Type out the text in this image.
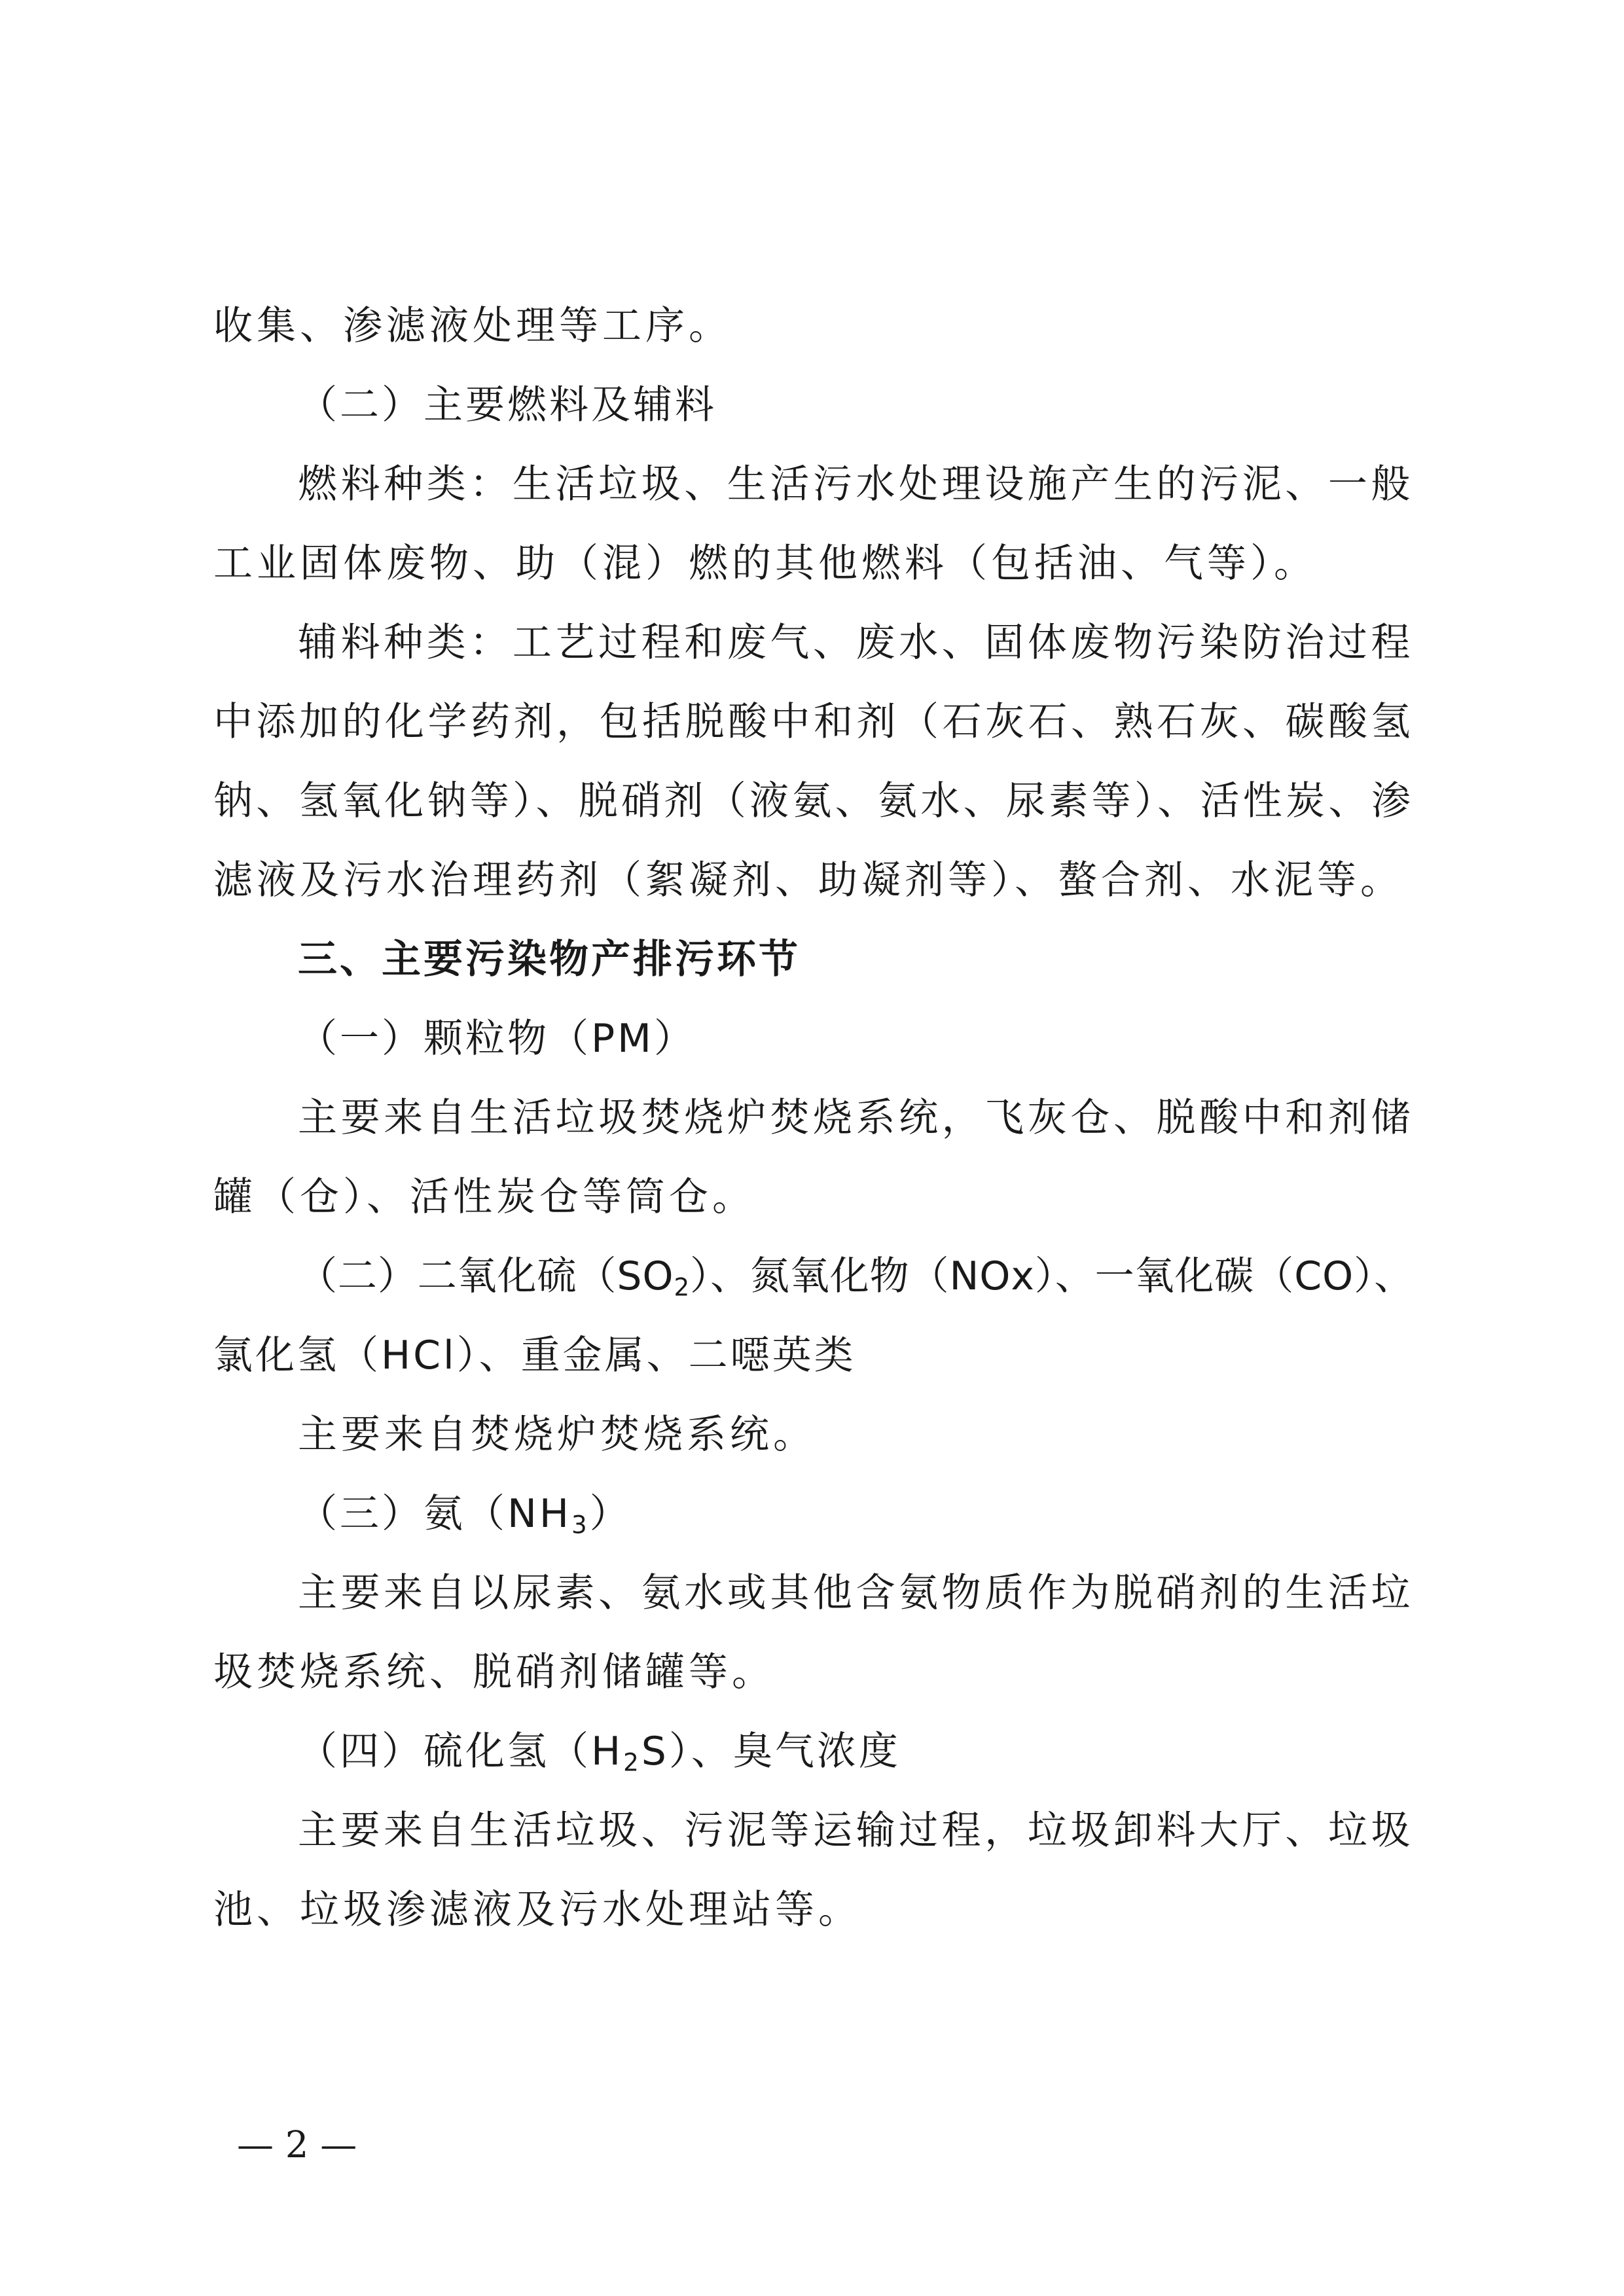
收集、渗滤液处理等工序。
（二）主要燃料及辅料
燃料种类：生活垃圾、生活污水处理设施产生的污泥、一般
工业固体废物、助（混）燃的其他燃料（包括油、气等）。
辅料种类：工艺过程和废气、废水、固体废物污染防治过程
中添加的化学药剂，包括脱酸中和剂（石灰石、熟石灰、碳酸氢
钠、氢氧化钠等）、脱硝剂（液氨、氨水、尿素等）、活性炭、渗
滤液及污水治理药剂（絮凝剂、助凝剂等）、螯合剂、水泥等。
三、主要污染物产排污环节
（一）颗粒物（PM）
主要来自生活垃圾焚烧炉焚烧系统，飞灰仓、脱酸中和剂储
罐（仓）、活性炭仓等筒仓。
（二）二氧化硫$(SO_2)$、氮氧化物（NOx）、一氧化碳（CO）、
氯化氢（HCl）、重金属、二噁英类
主要来自焚烧炉焚烧系统。
（三）氨$(NH_3)$
主要来自以尿素、氨水或其他含氨物质作为脱硝剂的生活垃
圾焚烧系统、脱硝剂储罐等。
（四）硫化氢$(H_2S)$、臭气浓度
主要来自生活垃圾、污泥等运输过程，垃圾卸料大厅、垃圾
池、垃圾渗滤液及污水处理站等。
— 2 —
